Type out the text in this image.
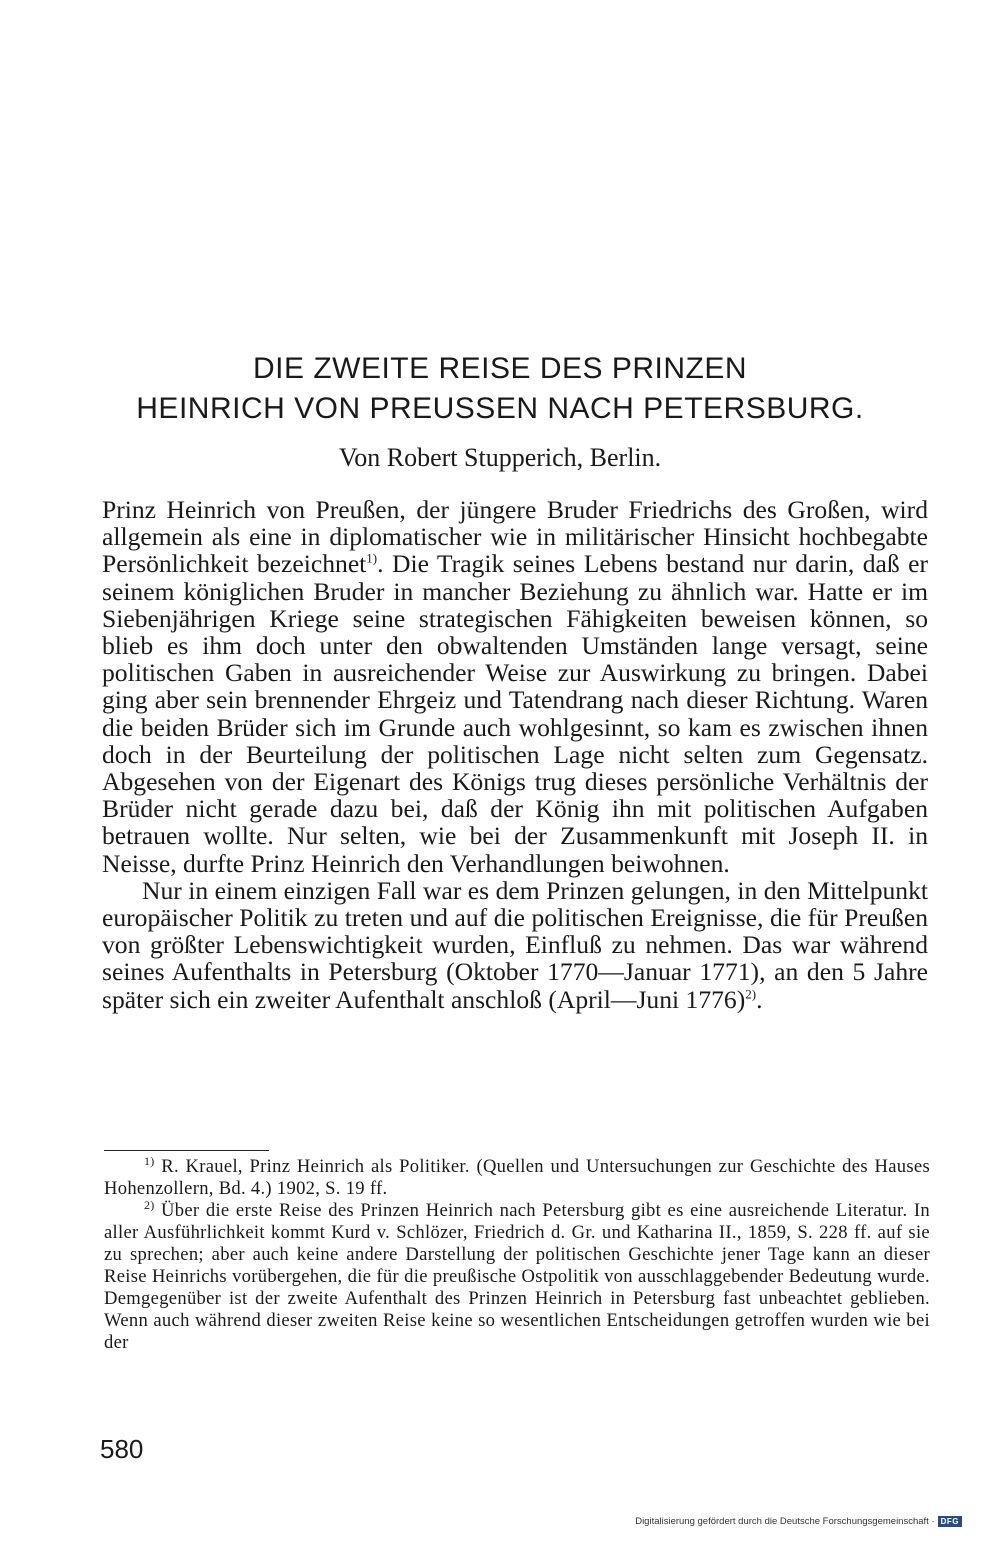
DIE ZWEITE REISE DES PRINZEN
HEINRICH VON PREUSSEN NACH PETERSBURG.
Von Robert Stupperich, Berlin.

Prinz Heinrich von Preußen, der jüngere Bruder Friedrichs des Großen, wird allgemein als eine in diplomatischer wie in militärischer Hinsicht hochbegabte Persönlichkeit bezeichnet$^{1)}$. Die Tragik seines Lebens bestand nur darin, daß er seinem königlichen Bruder in mancher Beziehung zu ähnlich war. Hatte er im Siebenjährigen Kriege seine strategischen Fähigkeiten beweisen können, so blieb es ihm doch unter den obwaltenden Umständen lange versagt, seine politischen Gaben in ausreichender Weise zur Auswirkung zu bringen. Dabei ging aber sein brennender Ehrgeiz und Tatendrang nach dieser Richtung. Waren die beiden Brüder sich im Grunde auch wohlgesinnt, so kam es zwischen ihnen doch in der Beurteilung der politischen Lage nicht selten zum Gegensatz. Abgesehen von der Eigenart des Königs trug dieses persönliche Verhältnis der Brüder nicht gerade dazu bei, daß der König ihn mit politischen Aufgaben betrauen wollte. Nur selten, wie bei der Zusammenkunft mit Joseph II. in Neisse, durfte Prinz Heinrich den Verhandlungen beiwohnen.

Nur in einem einzigen Fall war es dem Prinzen gelungen, in den Mittelpunkt europäischer Politik zu treten und auf die politischen Ereignisse, die für Preußen von größter Lebenswichtigkeit wurden, Einfluß zu nehmen. Das war während seines Aufenthalts in Petersburg (Oktober 1770—Januar 1771), an den 5 Jahre später sich ein zweiter Aufenthalt anschloß (April—Juni 1776)$^{2)}$.

$^{1)}$ R. Krauel, Prinz Heinrich als Politiker. (Quellen und Untersuchungen zur Geschichte des Hauses Hohenzollern, Bd. 4.) 1902, S. 19 ff.

$^{2)}$ Über die erste Reise des Prinzen Heinrich nach Petersburg gibt es eine ausreichende Literatur. In aller Ausführlichkeit kommt Kurd v. Schlözer, Friedrich d. Gr. und Katharina II., 1859, S. 228 ff. auf sie zu sprechen; aber auch keine andere Darstellung der politischen Geschichte jener Tage kann an dieser Reise Heinrichs vorübergehen, die für die preußische Ostpolitik von ausschlaggebender Bedeutung wurde. Demgegenüber ist der zweite Aufenthalt des Prinzen Heinrich in Petersburg fast unbeachtet geblieben. Wenn auch während dieser zweiten Reise keine so wesentlichen Entscheidungen getroffen wurden wie bei der

580
Digitalisierung gefördert durch die Deutsche Forschungsgemeinschaft · DFG
